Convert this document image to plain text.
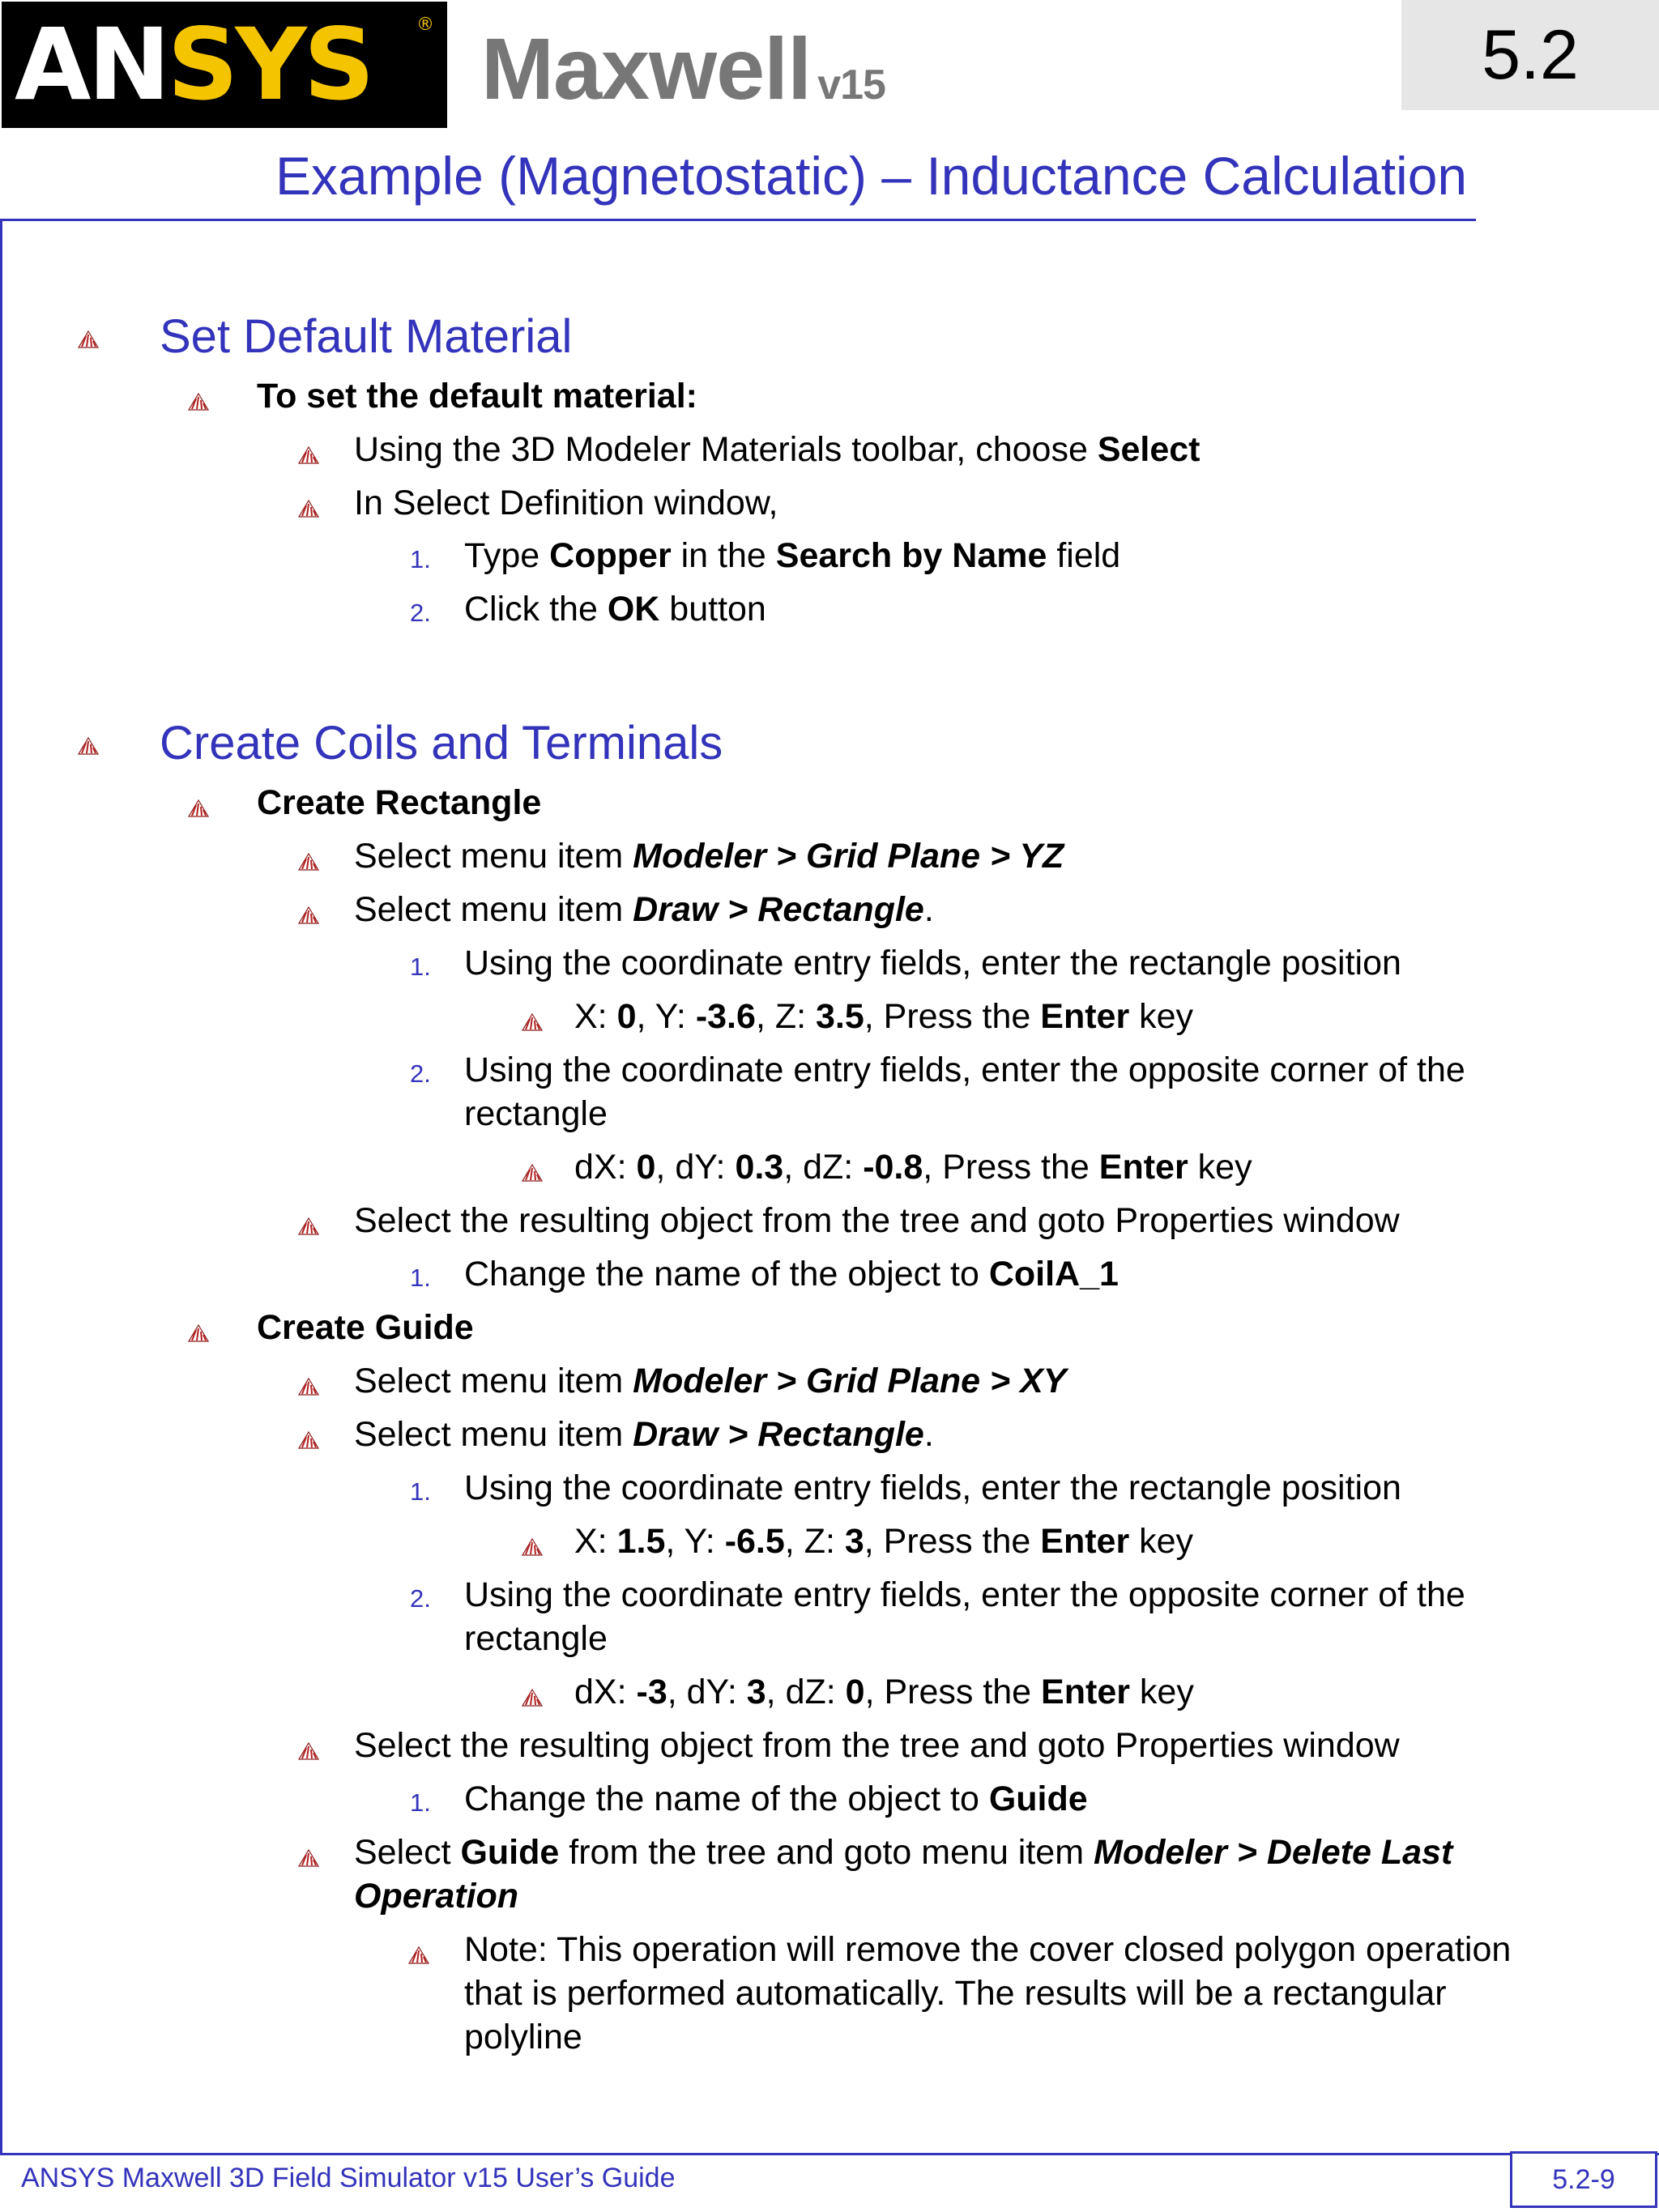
AN SYS	® Maxwell v15	5.2
Example (Magnetostatic) – Inductance Calculation
Set Default Material
To set the default material:
Using the 3D Modeler Materials toolbar, choose Select
In Select Definition window,
1. Type Copper in the Search by Name field
2. Click the OK button
Create Coils and Terminals
Create Rectangle
Select menu item Modeler > Grid Plane > YZ
Select menu item Draw > Rectangle.
1. Using the coordinate entry fields, enter the rectangle position
X: 0, Y: -3.6, Z: 3.5, Press the Enter key
2. Using the coordinate entry fields, enter the opposite corner of the
rectangle
dX: 0, dY: 0.3, dZ: -0.8, Press the Enter key
Select the resulting object from the tree and goto Properties window
1. Change the name of the object to CoilA_1
Create Guide
Select menu item Modeler > Grid Plane > XY
Select menu item Draw > Rectangle.
1. Using the coordinate entry fields, enter the rectangle position
X: 1.5, Y: -6.5, Z: 3, Press the Enter key
2. Using the coordinate entry fields, enter the opposite corner of the
rectangle
dX: -3, dY: 3, dZ: 0, Press the Enter key
Select the resulting object from the tree and goto Properties window
1. Change the name of the object to Guide
Select Guide from the tree and goto menu item Modeler > Delete Last
Operation
Note: This operation will remove the cover closed polygon operation
that is performed automatically. The results will be a rectangular
polyline
ANSYS Maxwell 3D Field Simulator v15 User’s Guide	5.2-9
